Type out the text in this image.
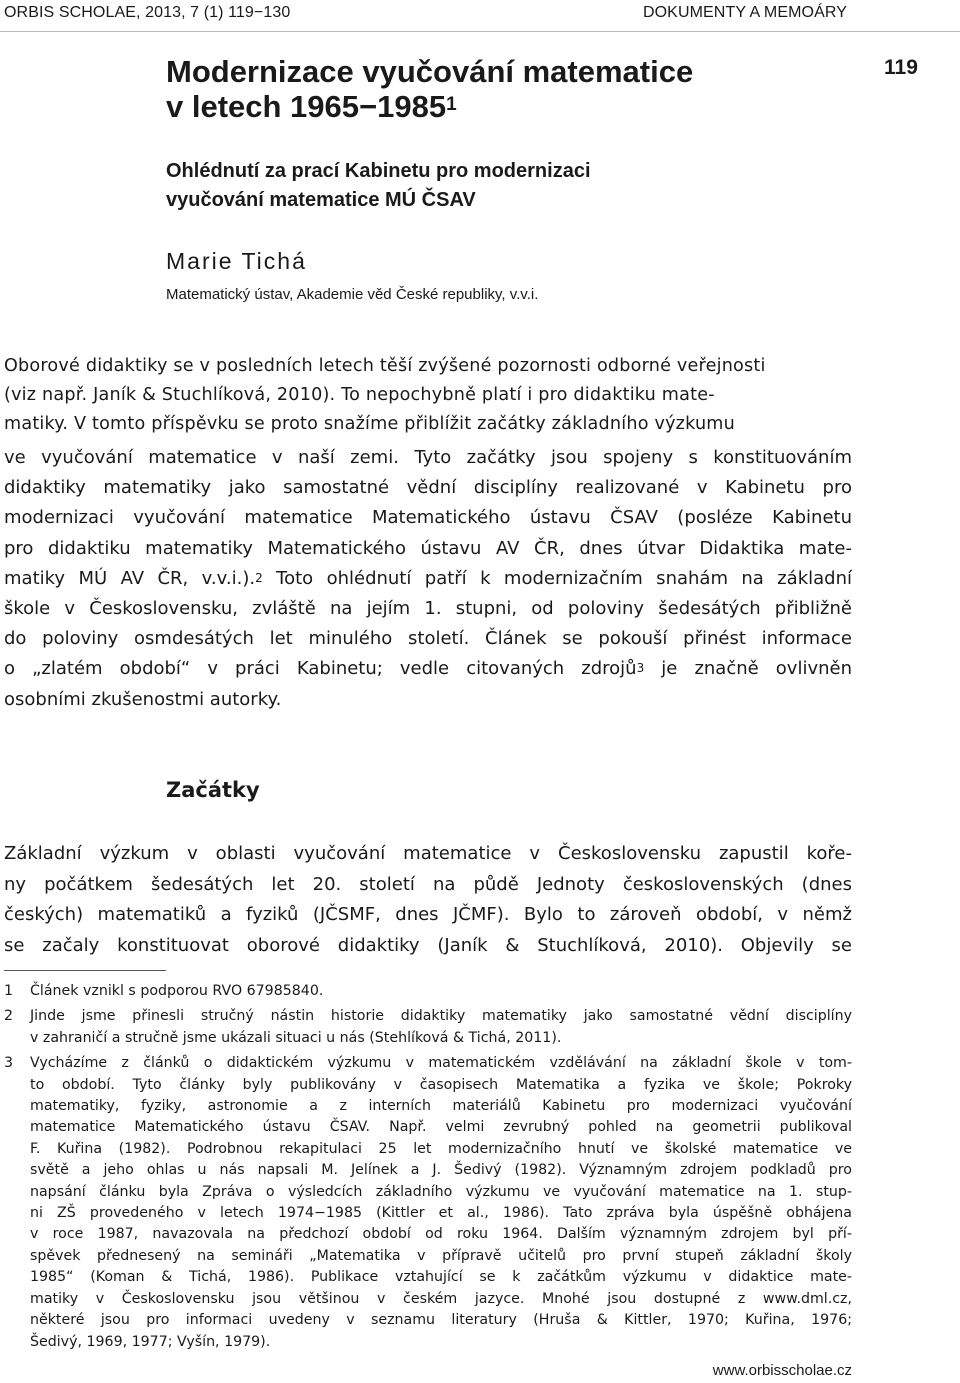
ORBIS SCHOLAE, 2013, 7 (1) 119−130	DOKUMENTY A MEMOÁRY
119
Modernizace vyučování matematice
v letech $1965-1985^1$
Ohlédnutí za prací Kabinetu pro modernizaci
vyučování matematice MÚ ČSAV
Marie Tichá
Matematický ústav, Akademie věd České republiky, v.v.i.
Oborové didaktiky se v posledních letech těší zvýšené pozornosti odborné veřejnosti
(viz např. Janík & Stuchlíková, 2010). To nepochybně platí i pro didaktiku mate-
matiky. V tomto příspěvku se proto snažíme přiblížit začátky základního výzkumu
ve vyučování matematice v naší zemi. Tyto začátky jsou spojeny s konstituováním
didaktiky matematiky jako samostatné vědní disciplíny realizované v Kabinetu pro
modernizaci vyučování matematice Matematického ústavu ČSAV (posléze Kabinetu
pro didaktiku matematiky Matematického ústavu AV ČR, dnes útvar Didaktika mate-
matiky MÚ AV ČR, v.v.i.).$^2$ Toto ohlédnutí patří k modernizačním snahám na základní
škole v Československu, zvláště na jejím 1. stupni, od poloviny šedesátých přibližně
do poloviny osmdesátých let minulého století. Článek se pokouší přinést informace
o „zlatém období“ v práci Kabinetu; vedle citovaných zdrojů$^3$ je značně ovlivněn
osobními zkušenostmi autorky.
Začátky
Základní výzkum v oblasti vyučování matematice v Československu zapustil koře-
ny počátkem šedesátých let 20. století na půdě Jednoty československých (dnes
českých) matematiků a fyziků (JČSMF, dnes JČMF). Bylo to zároveň období, v němž
se začaly konstituovat oborové didaktiky (Janík & Stuchlíková, 2010). Objevily se
1 Článek vznikl s podporou RVO 67985840.
2 Jinde jsme přinesli stručný nástin historie didaktiky matematiky jako samostatné vědní disciplíny
v zahraničí a stručně jsme ukázali situaci u nás (Stehlíková & Tichá, 2011).
3 Vycházíme z článků o didaktickém výzkumu v matematickém vzdělávání na základní škole v tom-
to období. Tyto články byly publikovány v časopisech Matematika a fyzika ve škole; Pokroky
matematiky, fyziky, astronomie a z interních materiálů Kabinetu pro modernizaci vyučování
matematice Matematického ústavu ČSAV. Např. velmi zevrubný pohled na geometrii publikoval
F. Kuřina (1982). Podrobnou rekapitulaci 25 let modernizačního hnutí ve školské matematice ve
světě a jeho ohlas u nás napsali M. Jelínek a J. Šedivý (1982). Významným zdrojem podkladů pro
napsání článku byla Zpráva o výsledcích základního výzkumu ve vyučování matematice na 1. stup-
ni ZŠ provedeného v letech 1974−1985 (Kittler et al., 1986). Tato zpráva byla úspěšně obhájena
v roce 1987, navazovala na předchozí období od roku 1964. Dalším významným zdrojem byl pří-
spěvek přednesený na semináři „Matematika v přípravě učitelů pro první stupeň základní školy
1985“ (Koman & Tichá, 1986). Publikace vztahující se k začátkům výzkumu v didaktice mate-
matiky v Československu jsou většinou v českém jazyce. Mnohé jsou dostupné z www.dml.cz,
některé jsou pro informaci uvedeny v seznamu literatury (Hruša & Kittler, 1970; Kuřina, 1976;
Šedivý, 1969, 1977; Vyšín, 1979).
www.orbisscholae.cz
